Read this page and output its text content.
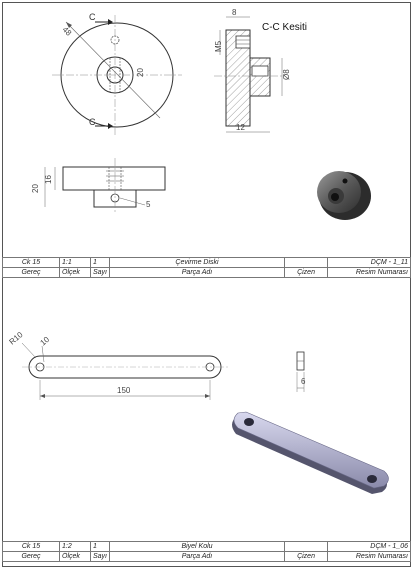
C
C
48
20
C-C Kesiti
8
M5
Ø8
12
20
16
5
R10 10
150
6
Ck 15	1:1	1	Çevirme Diski		DÇM - 1_11
Gereç	Ölçek	Sayı	Parça Adı	Çizen	Resim Numarası
Ck 15	1:2	1	Biyel Kolu		DÇM - 1_06
Gereç	Ölçek	Sayı	Parça Adı	Çizen	Resim Numarası
